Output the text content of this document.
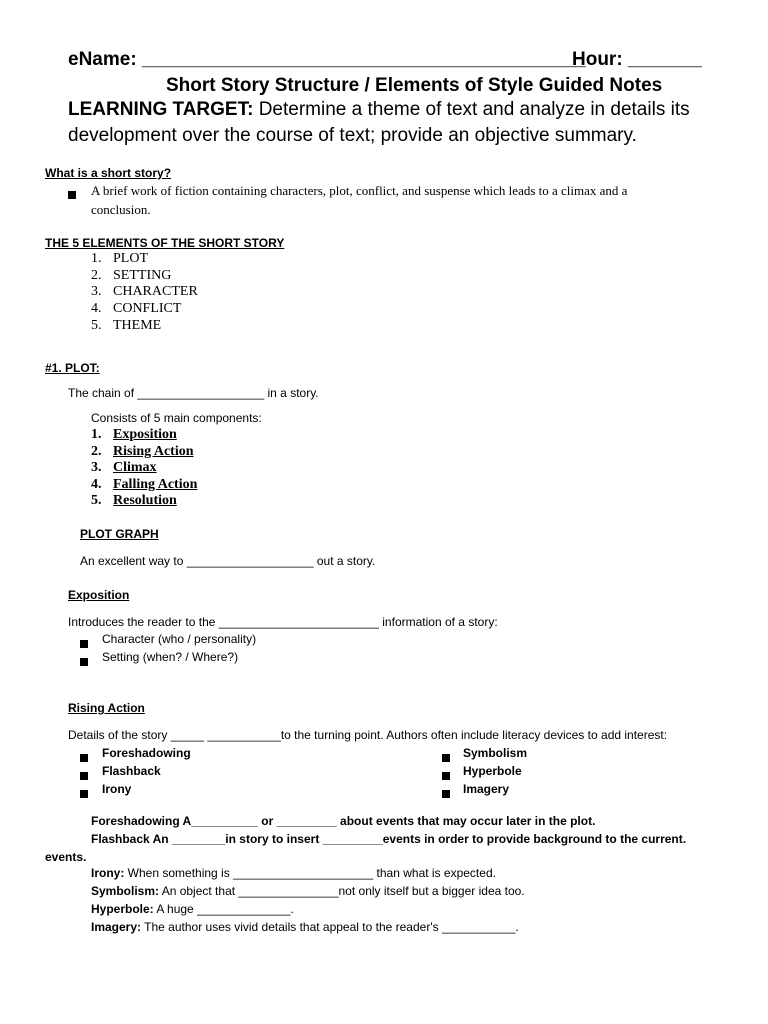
eName: __________________________________________
Hour: _______
Short Story Structure / Elements of Style Guided Notes
LEARNING TARGET: Determine a theme of text and analyze in details its
development over the course of text; provide an objective summary.
What is a short story?
A brief work of fiction containing characters, plot, conflict, and suspense which leads to a climax and a
conclusion.
THE 5 ELEMENTS OF THE SHORT STORY
1. PLOT
2. SETTING
3. CHARACTER
4. CONFLICT
5. THEME
#1. PLOT:
The chain of ___________________ in a story.
Consists of 5 main components:
1. Exposition
2. Rising Action
3. Climax
4. Falling Action
5. Resolution
PLOT GRAPH
An excellent way to ___________________ out a story.
Exposition
Introduces the reader to the ________________________ information of a story:
Character (who / personality)
Setting (when? / Where?)
Rising Action
Details of the story _____ ___________to the turning point. Authors often include literacy devices to add interest:
Foreshadowing
Flashback
Irony
Symbolism
Hyperbole
Imagery
Foreshadowing A__________ or _________ about events that may occur later in the plot.
Flashback An ________in story to insert _________events in order to provide background to the current.
events.
Irony: When something is _____________________ than what is expected.
Symbolism: An object that _______________not only itself but a bigger idea too.
Hyperbole: A huge ______________.
Imagery: The author uses vivid details that appeal to the reader's ___________.
